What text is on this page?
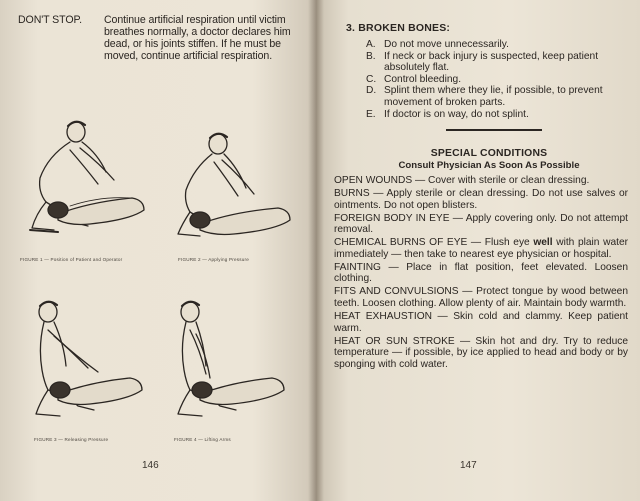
DON'T STOP. Continue artificial respiration until victim breathes normally, a doctor declares him dead, or his joints stiffen. If he must be moved, continue artificial respiration.
FIGURE 1 — Position of Patient and Operator	FIGURE 2 — Applying Pressure
FIGURE 3 — Releasing Pressure	FIGURE 4 — Lifting Arms
146
3. BROKEN BONES:
A. Do not move unnecessarily.
B. If neck or back injury is suspected, keep patient absolutely flat.
C. Control bleeding.
D. Splint them where they lie, if possible, to prevent movement of broken parts.
E. If doctor is on way, do not splint.
SPECIAL CONDITIONS
Consult Physician As Soon As Possible
OPEN WOUNDS — Cover with sterile or clean dressing.
BURNS — Apply sterile or clean dressing. Do not use salves or ointments. Do not open blisters.
FOREIGN BODY IN EYE — Apply covering only. Do not attempt removal.
CHEMICAL BURNS OF EYE — Flush eye well with plain water immediately — then take to nearest eye physician or hospital.
FAINTING — Place in flat position, feet elevated. Loosen clothing.
FITS AND CONVULSIONS — Protect tongue by wood between teeth. Loosen clothing. Allow plenty of air. Maintain body warmth.
HEAT EXHAUSTION — Skin cold and clammy. Keep patient warm.
HEAT OR SUN STROKE — Skin hot and dry. Try to reduce temperature — if possible, by ice applied to head and body or by sponging with cold water.
147
